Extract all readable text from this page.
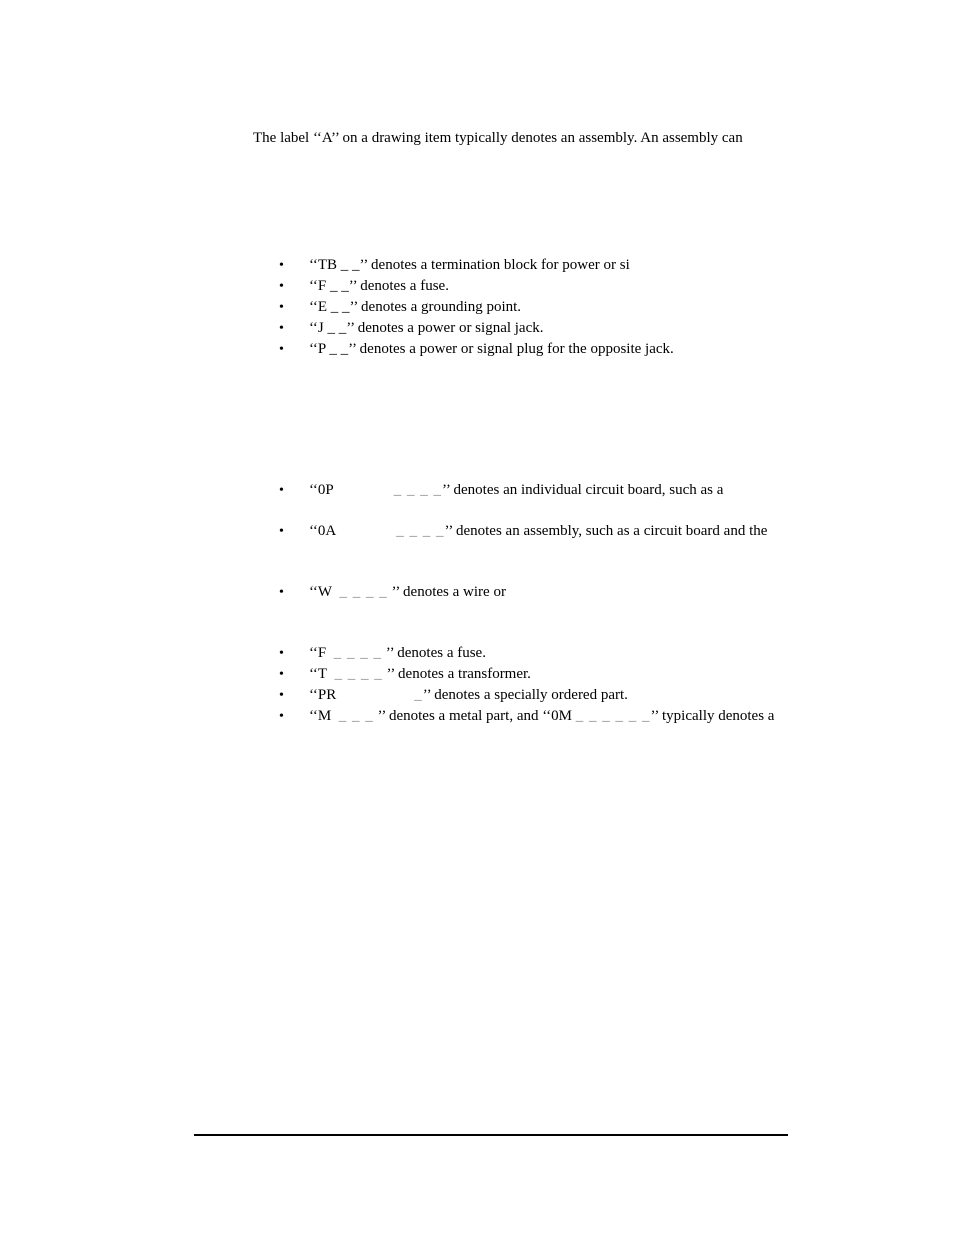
The label ‘‘A’’ on a drawing item typically denotes an assembly. An assembly can

• ‘‘TB _ _’’ denotes a termination block for power or si
• ‘‘F _ _’’ denotes a fuse.
• ‘‘E _ _’’ denotes a grounding point.
• ‘‘J _ _’’ denotes a power or signal jack.
• ‘‘P _ _’’ denotes a power or signal plug for the opposite jack.
• ‘‘0P	_ _ _ _’’ denotes an individual circuit board, such as a
• ‘‘0A	_ _ _ _’’ denotes an assembly, such as a circuit board and the
• ‘‘W _ _ _ _ ’’ denotes a wire or
• ‘‘F _ _ _ _ ’’ denotes a fuse.
• ‘‘T _ _ _ _ ’’ denotes a transformer.
• ‘‘PR	_’’ denotes a specially ordered part.
• ‘‘M _ _ _ ’’ denotes a metal part, and ‘‘0M _ _ _ _ _ _’’ typically denotes a
